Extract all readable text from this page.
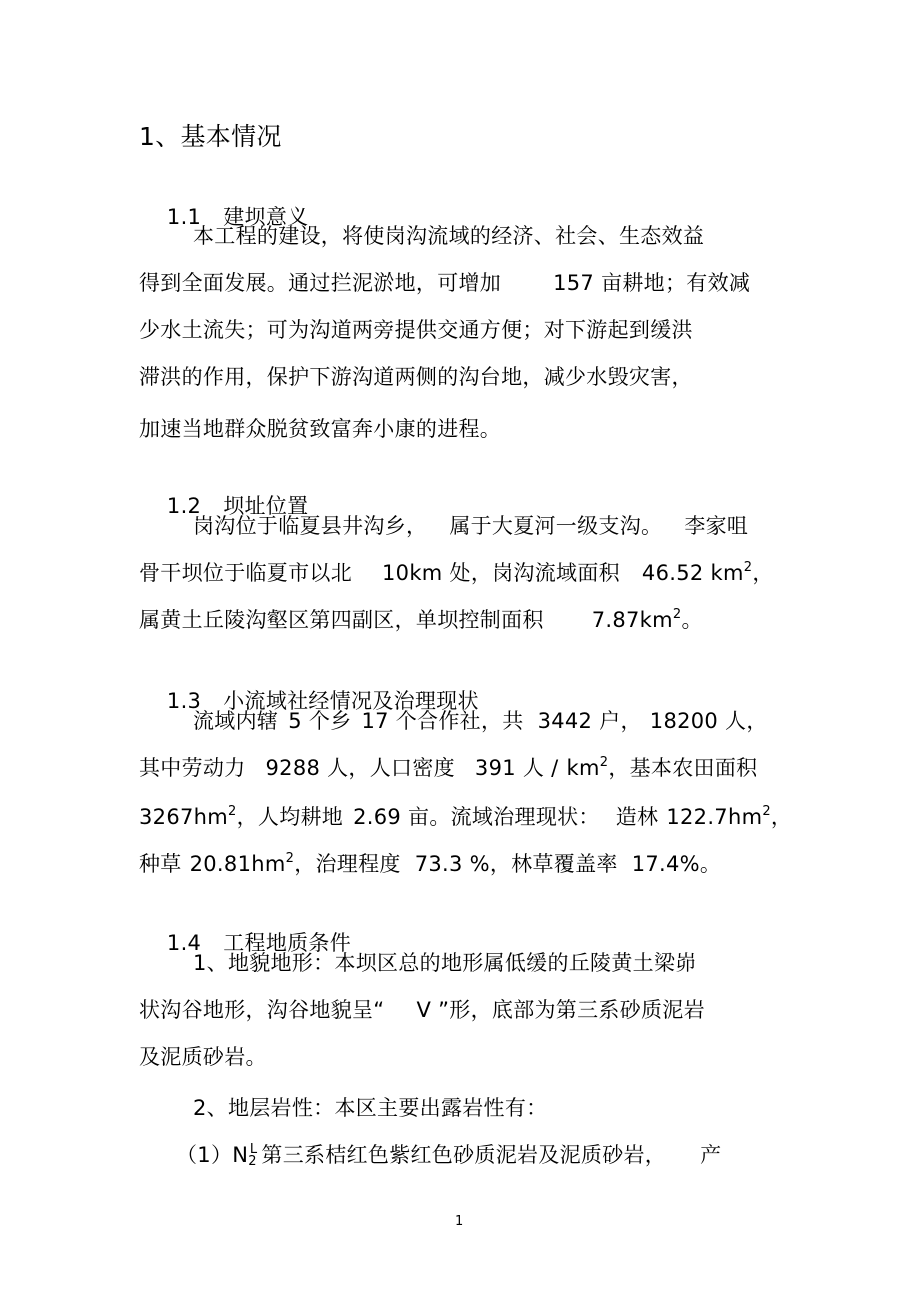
1、基本情况

1.1 建坝意义

本工程的建设，将使岗沟流域的经济、社会、生态效益
得到全面发展。通过拦泥淤地，可增加 157 亩耕地；有效减
少水土流失；可为沟道两旁提供交通方便；对下游起到缓洪
滞洪的作用，保护下游沟道两侧的沟台地，减少水毁灾害，
加速当地群众脱贫致富奔小康的进程。

1.2 坝址位置

岗沟位于临夏县井沟乡， 属于大夏河一级支沟。 李家咀
骨干坝位于临夏市以北 10km 处，岗沟流域面积 46.52 $km^2$，
属黄土丘陵沟壑区第四副区，单坝控制面积 $7.87km^2$。

1.3 小流域社经情况及治理现状

流域内辖 5 个乡 17 个合作社，共 3442 户， 18200 人，
其中劳动力 9288 人，人口密度 391 人 / $km^2$，基本农田面积
$3267hm^2$，人均耕地 2.69 亩。流域治理现状： 造林 $122.7hm^2$，
种草 $20.81hm^2$，治理程度 73.3 %，林草覆盖率 17.4%。

1.4 工程地质条件

1、地貌地形：本坝区总的地形属低缓的丘陵黄土梁峁
状沟谷地形，沟谷地貌呈“ V ”形，底部为第三系砂质泥岩
及泥质砂岩。
2、地层岩性：本区主要出露岩性有：
$(1)N_2^L$ 第三系桔红色紫红色砂质泥岩及泥质砂岩， 产
1
